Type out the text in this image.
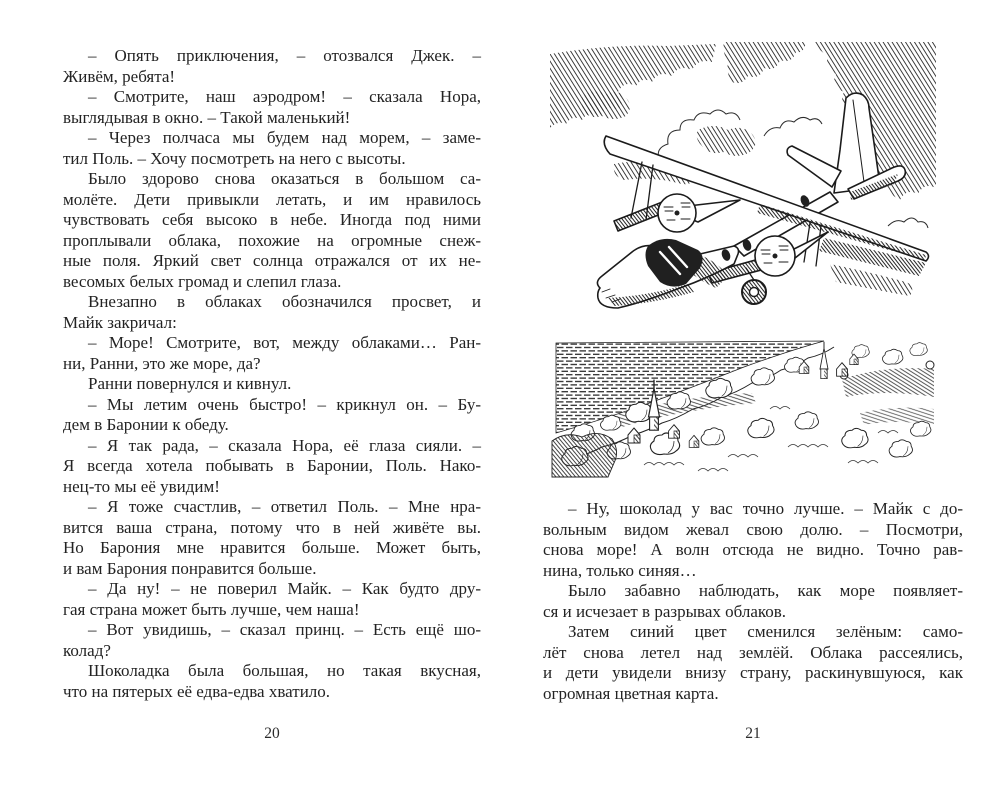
– Опять приключения, – отозвался Джек. –
Живём, ребята!
– Смотрите, наш аэродром! – сказала Нора,
выглядывая в окно. – Такой маленький!
– Через полчаса мы будем над морем, – заме-
тил Поль. – Хочу посмотреть на него с высоты.
Было здорово снова оказаться в большом са-
молёте. Дети привыкли летать, и им нравилось
чувствовать себя высоко в небе. Иногда под ними
проплывали облака, похожие на огромные снеж-
ные поля. Яркий свет солнца отражался от их не-
весомых белых громад и слепил глаза.
Внезапно в облаках обозначился просвет, и
Майк закричал:
– Море! Смотрите, вот, между облаками… Ран-
ни, Ранни, это же море, да?
Ранни повернулся и кивнул.
– Мы летим очень быстро! – крикнул он. – Бу-
дем в Баронии к обеду.
– Я так рада, – сказала Нора, её глаза сияли. –
Я всегда хотела побывать в Баронии, Поль. Нако-
нец-то мы её увидим!
– Я тоже счастлив, – ответил Поль. – Мне нра-
вится ваша страна, потому что в ней живёте вы.
Но Барония мне нравится больше. Может быть,
и вам Барония понравится больше.
– Да ну! – не поверил Майк. – Как будто дру-
гая страна может быть лучше, чем наша!
– Вот увидишь, – сказал принц. – Есть ещё шо-
колад?
Шоколадка была большая, но такая вкусная,
что на пятерых её едва-едва хватило.
20
– Ну, шоколад у вас точно лучше. – Майк с до-
вольным видом жевал свою долю. – Посмотри,
снова море! А волн отсюда не видно. Точно рав-
нина, только синяя…
Было забавно наблюдать, как море появляет-
ся и исчезает в разрывах облаков.
Затем синий цвет сменился зелёным: само-
лёт снова летел над землёй. Облака рассеялись,
и дети увидели внизу страну, раскинувшуюся, как
огромная цветная карта.
21
